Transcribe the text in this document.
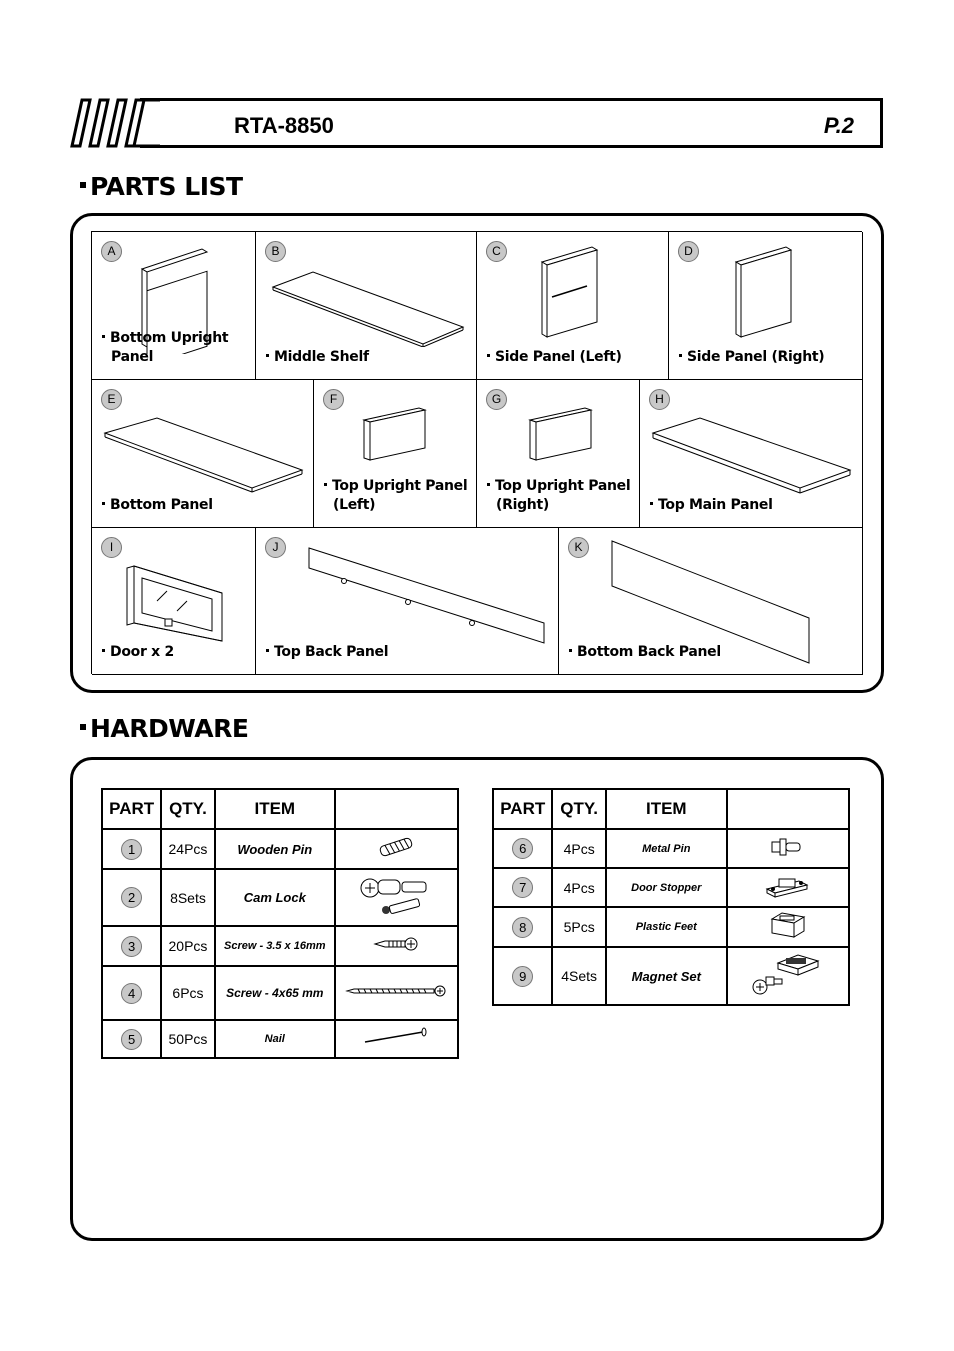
RTA-8850	P.2
PARTS LIST
A
Bottom Upright
Panel
B
Middle Shelf
C
Side Panel (Left)
D
Side Panel (Right)
E
Bottom Panel
F
Top Upright Panel
(Left)
G
Top Upright Panel
(Right)
H
Top Main Panel
I
Door x 2
J
Top Back Panel
K
Bottom Back Panel
HARDWARE
PART	QTY.	ITEM	
1	24Pcs	Wooden Pin	
2	8Sets	Cam Lock	
3	20Pcs	Screw - 3.5 x 16mm	
4	6Pcs	Screw - 4x65 mm	
5	50Pcs	Nail	
PART	QTY.	ITEM	
6	4Pcs	Metal Pin	
7	4Pcs	Door Stopper	
8	5Pcs	Plastic Feet	
9	4Sets	Magnet Set	
